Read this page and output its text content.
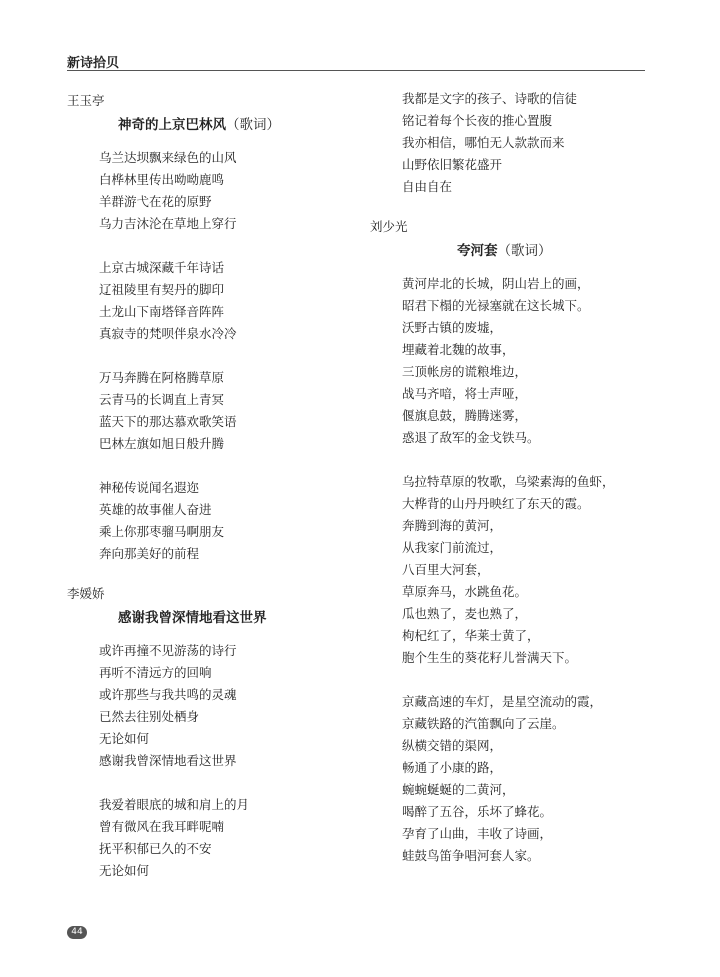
新诗拾贝
王玉亭
神奇的上京巴林风（歌词）
乌兰达坝飘来绿色的山风
白桦林里传出呦呦鹿鸣
羊群游弋在花的原野
乌力吉沐沦在草地上穿行
上京古城深藏千年诗话
辽祖陵里有契丹的脚印
土龙山下南塔铎音阵阵
真寂寺的梵呗伴泉水冷冷
万马奔腾在阿格腾草原
云青马的长调直上青冥
蓝天下的那达慕欢歌笑语
巴林左旗如旭日般升腾
神秘传说闻名遐迩
英雄的故事催人奋进
乘上你那枣骝马啊朋友
奔向那美好的前程
李媛娇
感谢我曾深情地看这世界
或许再撞不见游荡的诗行
再听不清远方的回响
或许那些与我共鸣的灵魂
已然去往别处栖身
无论如何
感谢我曾深情地看这世界
我爱着眼底的城和肩上的月
曾有微风在我耳畔呢喃
抚平积郁已久的不安
无论如何
我都是文字的孩子、诗歌的信徒
铭记着每个长夜的推心置腹
我亦相信，哪怕无人款款而来
山野依旧繁花盛开
自由自在
刘少光
夸河套（歌词）
黄河岸北的长城，阴山岩上的画，
昭君下榻的光禄塞就在这长城下。
沃野古镇的废墟，
埋藏着北魏的故事，
三顶帐房的谎粮堆边，
战马齐喑，将士声哑，
偃旗息鼓，腾腾迷雾，
惑退了敌军的金戈铁马。
乌拉特草原的牧歌，乌梁素海的鱼虾，
大桦背的山丹丹映红了东天的霞。
奔腾到海的黄河，
从我家门前流过，
八百里大河套，
草原奔马，水跳鱼花。
瓜也熟了，麦也熟了，
枸杞红了，华莱士黄了，
胞个生生的葵花籽儿誉满天下。
京藏高速的车灯，是星空流动的霞，
京藏铁路的汽笛飘向了云崖。
纵横交错的渠网，
畅通了小康的路，
蜿蜿蜒蜒的二黄河，
喝醉了五谷，乐坏了蜂花。
孕育了山曲，丰收了诗画，
蛙鼓鸟笛争唱河套人家。
44
